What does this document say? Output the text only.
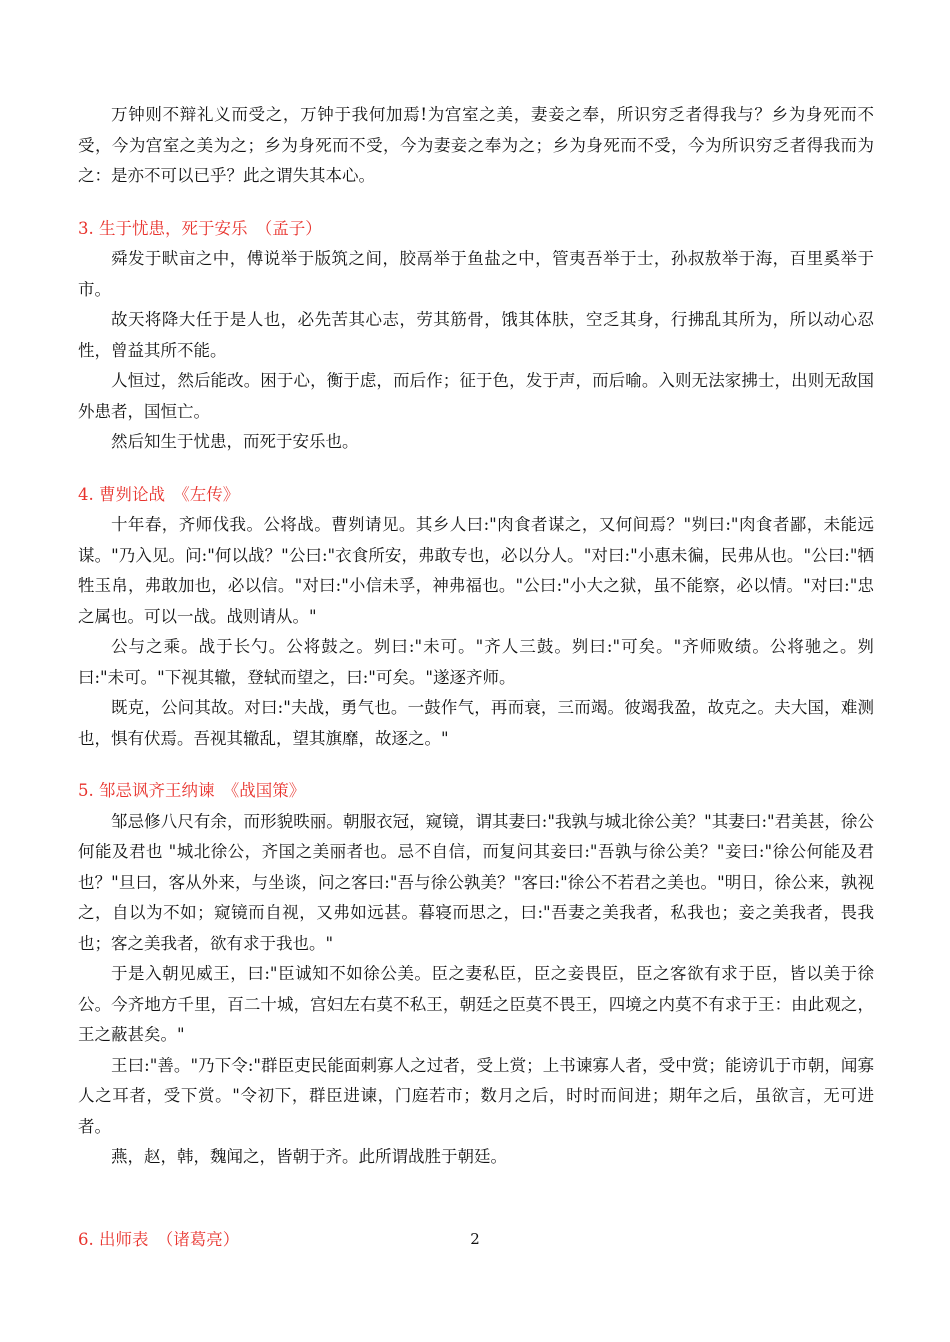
万钟则不辩礼义而受之，万钟于我何加焉!为宫室之美，妻妾之奉，所识穷乏者得我与？乡为身死而不受，今为宫室之美为之；乡为身死而不受，今为妻妾之奉为之；乡为身死而不受，今为所识穷乏者得我而为之：是亦不可以已乎？此之谓失其本心。

3. 生于忧患，死于安乐　（孟子）

舜发于畎亩之中，傅说举于版筑之间，胶鬲举于鱼盐之中，管夷吾举于士，孙叔敖举于海，百里奚举于市。

故天将降大任于是人也，必先苦其心志，劳其筋骨，饿其体肤，空乏其身，行拂乱其所为，所以动心忍性，曾益其所不能。

人恒过，然后能改。困于心，衡于虑，而后作；征于色，发于声，而后喻。入则无法家拂士，出则无敌国外患者，国恒亡。

然后知生于忧患，而死于安乐也。

4. 曹刿论战　《左传》

十年春，齐师伐我。公将战。曹刿请见。其乡人曰:"肉食者谋之，又何间焉？"刿曰:"肉食者鄙，未能远谋。"乃入见。问:"何以战？"公曰:"衣食所安，弗敢专也，必以分人。"对曰:"小惠未徧，民弗从也。"公曰:"牺牲玉帛，弗敢加也，必以信。"对曰:"小信未孚，神弗福也。"公曰:"小大之狱，虽不能察，必以情。"对曰:"忠之属也。可以一战。战则请从。"

公与之乘。战于长勺。公将鼓之。刿曰:"未可。"齐人三鼓。刿曰:"可矣。"齐师败绩。公将驰之。刿曰:"未可。"下视其辙，登轼而望之，曰:"可矣。"遂逐齐师。

既克，公问其故。对曰:"夫战，勇气也。一鼓作气，再而衰，三而竭。彼竭我盈，故克之。夫大国，难测也，惧有伏焉。吾视其辙乱，望其旗靡，故逐之。"

5. 邹忌讽齐王纳谏　《战国策》

邹忌修八尺有余，而形貌昳丽。朝服衣冠，窥镜，谓其妻曰:"我孰与城北徐公美？"其妻曰:"君美甚，徐公何能及君也 "城北徐公，齐国之美丽者也。忌不自信，而复问其妾曰:"吾孰与徐公美？"妾曰:"徐公何能及君也？"旦曰，客从外来，与坐谈，问之客曰:"吾与徐公孰美？"客曰:"徐公不若君之美也。"明日，徐公来，孰视之，自以为不如；窥镜而自视，又弗如远甚。暮寝而思之，曰:"吾妻之美我者，私我也；妾之美我者，畏我也；客之美我者，欲有求于我也。"

于是入朝见威王，曰:"臣诚知不如徐公美。臣之妻私臣，臣之妾畏臣，臣之客欲有求于臣，皆以美于徐公。今齐地方千里，百二十城，宫妇左右莫不私王，朝廷之臣莫不畏王，四境之内莫不有求于王：由此观之，王之蔽甚矣。"

王曰:"善。"乃下令:"群臣吏民能面刺寡人之过者，受上赏；上书谏寡人者，受中赏；能谤讥于市朝，闻寡人之耳者，受下赏。"令初下，群臣进谏，门庭若市；数月之后，时时而间进；期年之后，虽欲言，无可进者。

燕，赵，韩，魏闻之，皆朝于齐。此所谓战胜于朝廷。

6. 出师表　（诸葛亮）	2
